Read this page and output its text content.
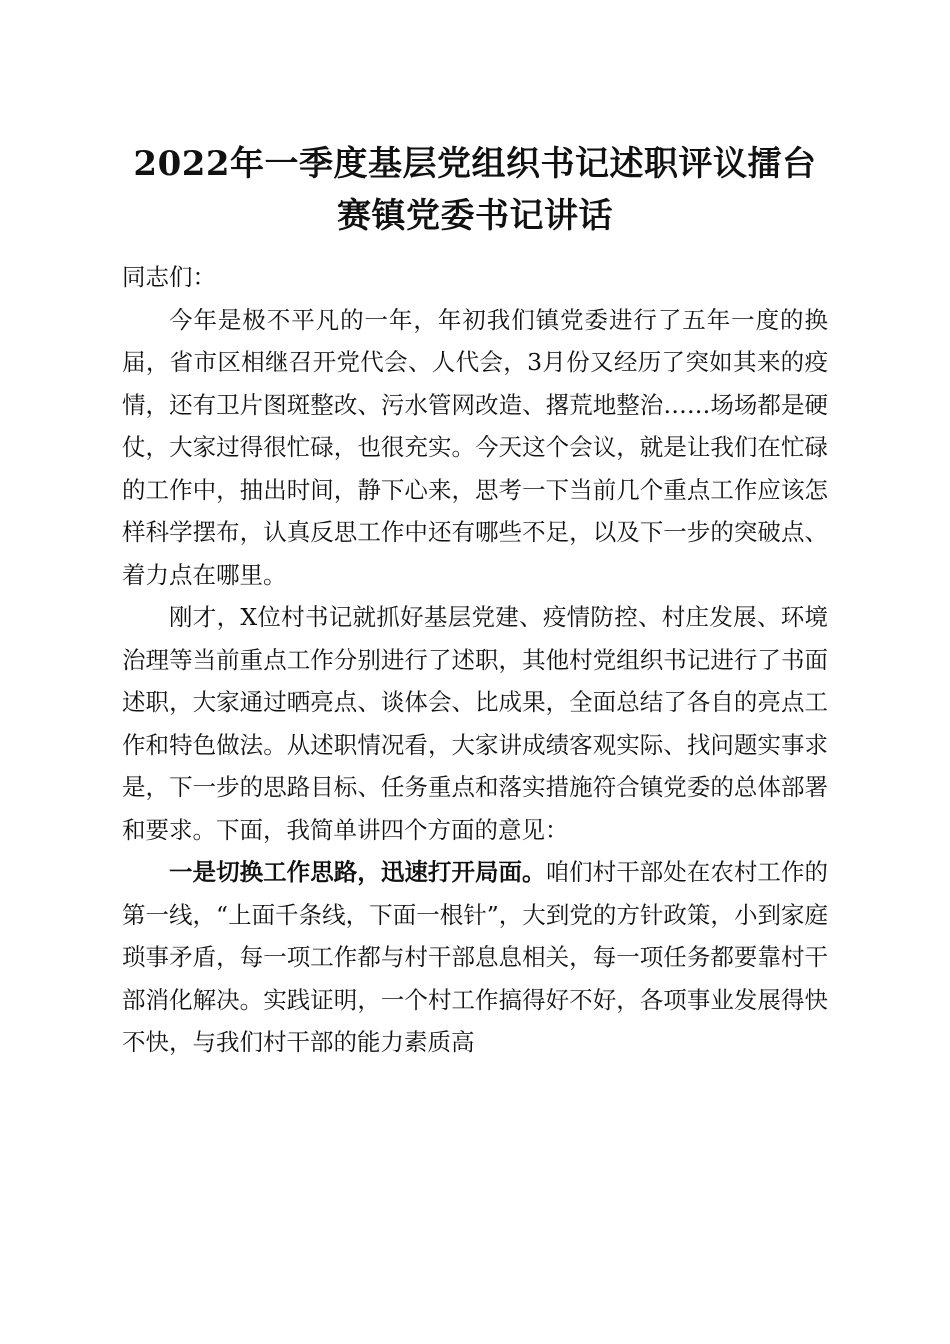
2022年一季度基层党组织书记述职评议擂台
赛镇党委书记讲话

同志们：

今年是极不平凡的一年，年初我们镇党委进行了五年一度的换届，省市区相继召开党代会、人代会，3月份又经历了突如其来的疫情，还有卫片图斑整改、污水管网改造、撂荒地整治……场场都是硬仗，大家过得很忙碌，也很充实。今天这个会议，就是让我们在忙碌的工作中，抽出时间，静下心来，思考一下当前几个重点工作应该怎样科学摆布，认真反思工作中还有哪些不足，以及下一步的突破点、着力点在哪里。

刚才，X位村书记就抓好基层党建、疫情防控、村庄发展、环境治理等当前重点工作分别进行了述职，其他村党组织书记进行了书面述职，大家通过晒亮点、谈体会、比成果，全面总结了各自的亮点工作和特色做法。从述职情况看，大家讲成绩客观实际、找问题实事求是，下一步的思路目标、任务重点和落实措施符合镇党委的总体部署和要求。下面，我简单讲四个方面的意见：

一是切换工作思路，迅速打开局面。咱们村干部处在农村工作的第一线，“上面千条线，下面一根针”，大到党的方针政策，小到家庭琐事矛盾，每一项工作都与村干部息息相关，每一项任务都要靠村干部消化解决。实践证明，一个村工作搞得好不好，各项事业发展得快不快，与我们村干部的能力素质高
